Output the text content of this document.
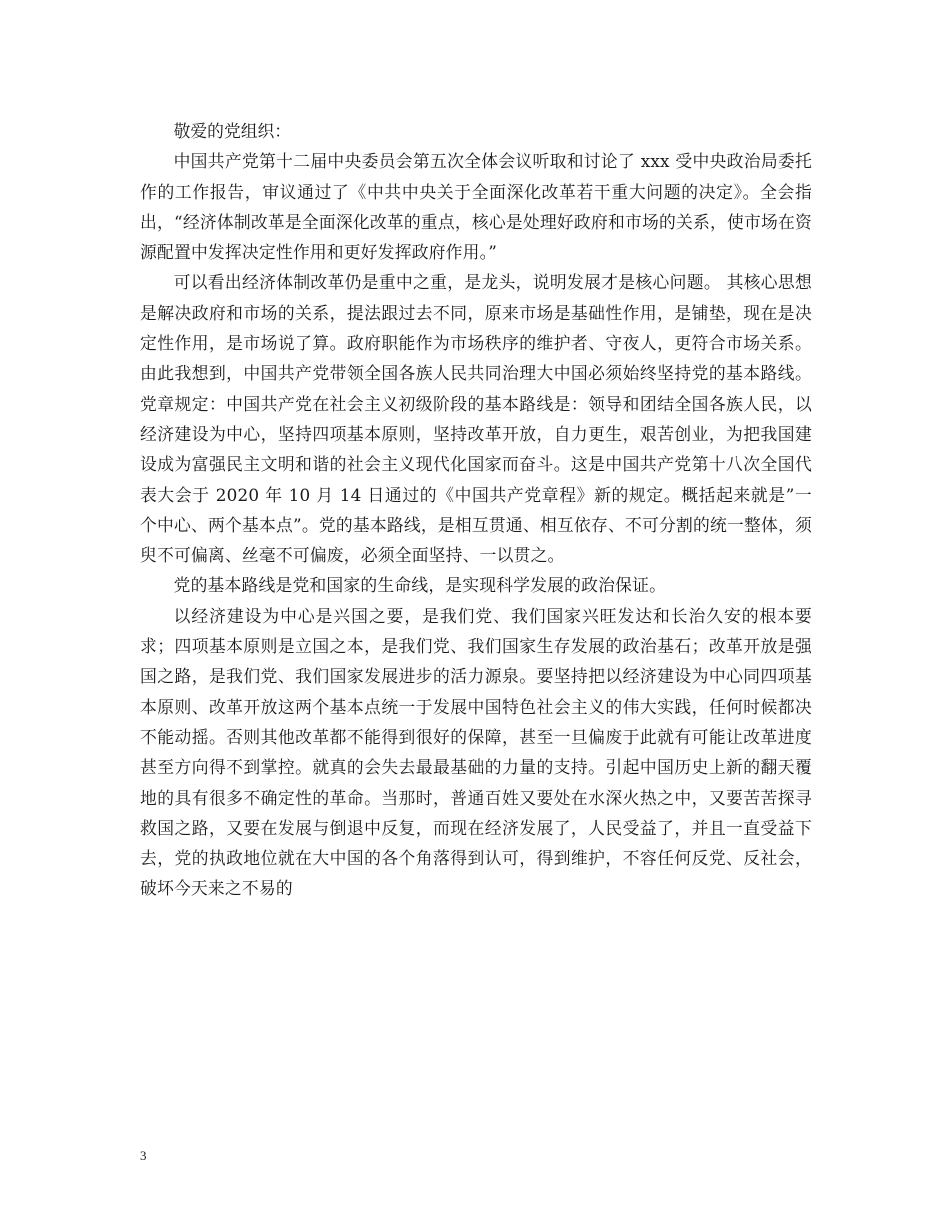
敬爱的党组织：

中国共产党第十二届中央委员会第五次全体会议听取和讨论了 xxx 受中央政治局委托作的工作报告，审议通过了《中共中央关于全面深化改革若干重大问题的决定》。全会指出，“经济体制改革是全面深化改革的重点，核心是处理好政府和市场的关系，使市场在资源配置中发挥决定性作用和更好发挥政府作用。”

可以看出经济体制改革仍是重中之重，是龙头，说明发展才是核心问题。 其核心思想是解决政府和市场的关系，提法跟过去不同，原来市场是基础性作用，是铺垫，现在是决定性作用，是市场说了算。政府职能作为市场秩序的维护者、守夜人，更符合市场关系。由此我想到，中国共产党带领全国各族人民共同治理大中国必须始终坚持党的基本路线。党章规定：中国共产党在社会主义初级阶段的基本路线是：领导和团结全国各族人民，以经济建设为中心，坚持四项基本原则，坚持改革开放，自力更生，艰苦创业，为把我国建设成为富强民主文明和谐的社会主义现代化国家而奋斗。这是中国共产党第十八次全国代表大会于 2020 年 10 月 14 日通过的《中国共产党章程》新的规定。概括起来就是”一个中心、两个基本点”。党的基本路线，是相互贯通、相互依存、不可分割的统一整体，须臾不可偏离、丝毫不可偏废，必须全面坚持、一以贯之。

党的基本路线是党和国家的生命线，是实现科学发展的政治保证。

以经济建设为中心是兴国之要，是我们党、我们国家兴旺发达和长治久安的根本要求；四项基本原则是立国之本，是我们党、我们国家生存发展的政治基石；改革开放是强国之路，是我们党、我们国家发展进步的活力源泉。要坚持把以经济建设为中心同四项基本原则、改革开放这两个基本点统一于发展中国特色社会主义的伟大实践，任何时候都决不能动摇。否则其他改革都不能得到很好的保障，甚至一旦偏废于此就有可能让改革进度甚至方向得不到掌控。就真的会失去最最基础的力量的支持。引起中国历史上新的翻天覆地的具有很多不确定性的革命。当那时，普通百姓又要处在水深火热之中，又要苦苦探寻救国之路，又要在发展与倒退中反复，而现在经济发展了，人民受益了，并且一直受益下去，党的执政地位就在大中国的各个角落得到认可，得到维护，不容任何反党、反社会，破坏今天来之不易的

3
